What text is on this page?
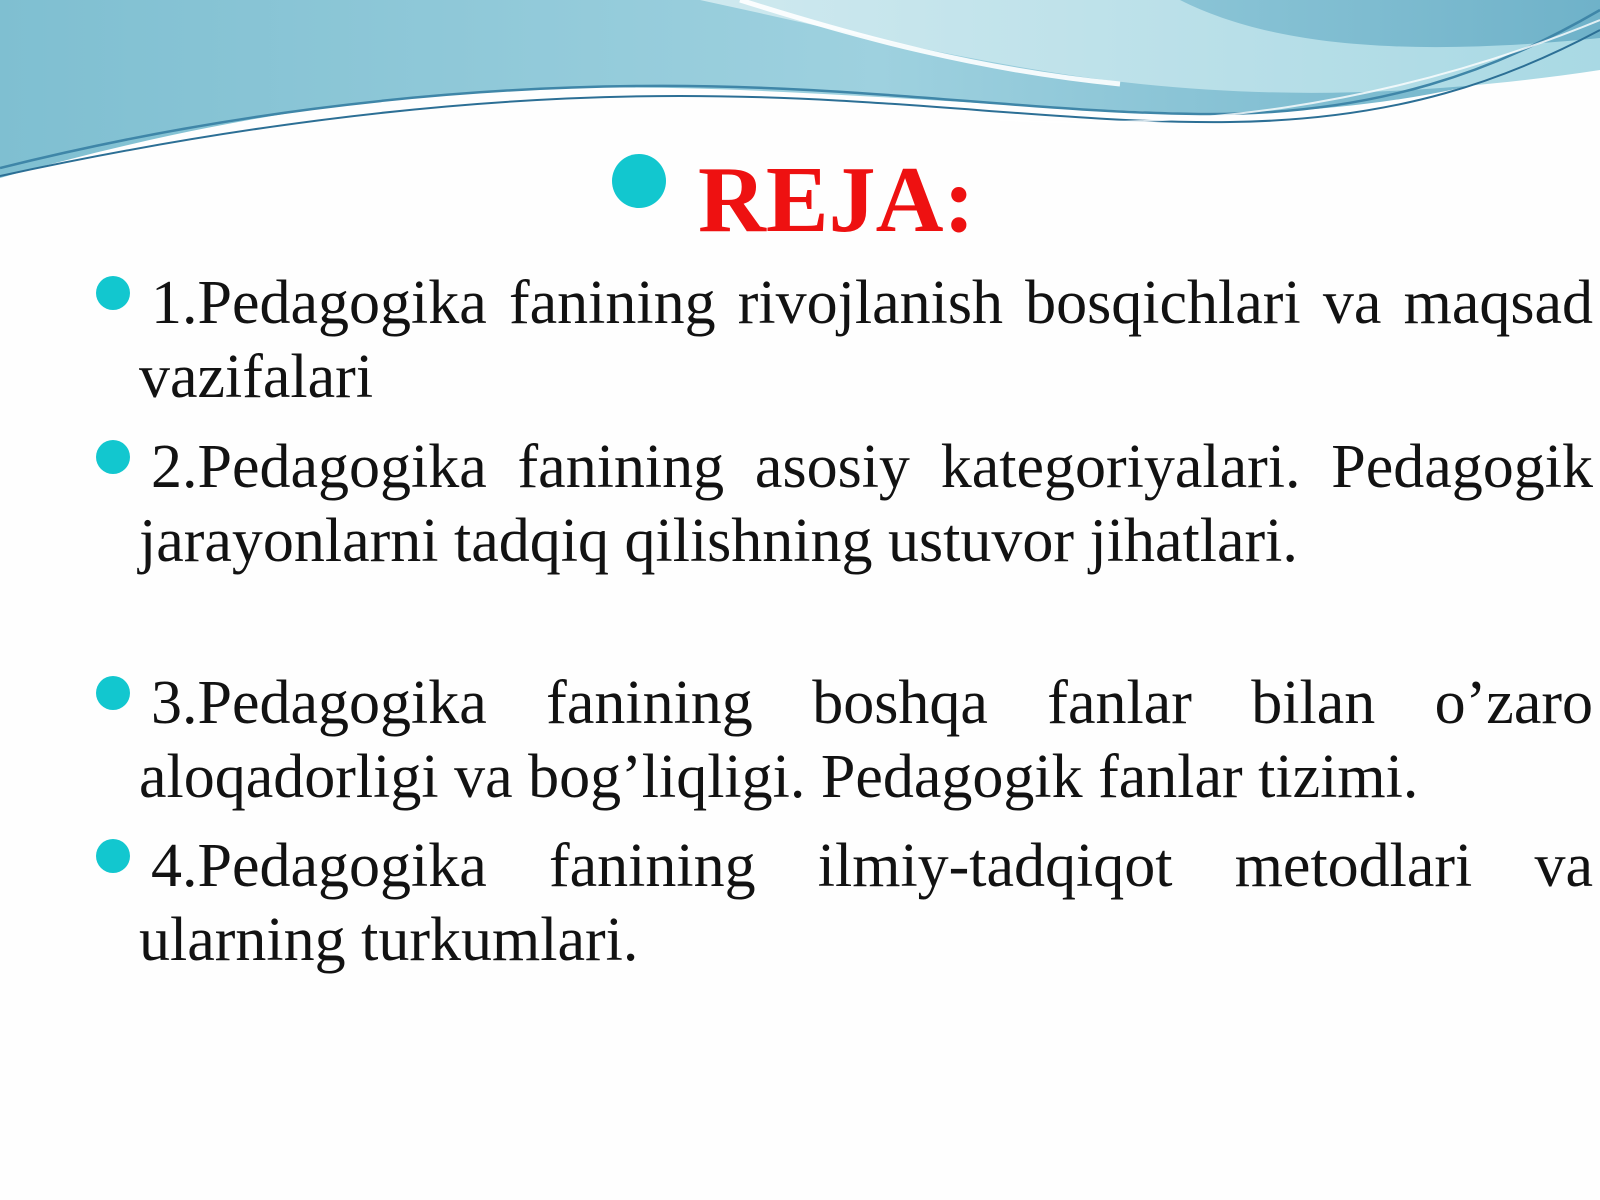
REJA:

1.Pedagogika fanining rivojlanish bosqichlari va maqsad vazifalari

2.Pedagogika fanining asosiy kategoriyalari. Pedagogik jarayonlarni tadqiq qilishning ustuvor jihatlari.

3.Pedagogika fanining boshqa fanlar bilan o’zaro aloqadorligi va bog’liqligi. Pedagogik fanlar tizimi.

4.Pedagogika fanining ilmiy-tadqiqot metodlari va ularning turkumlari.
